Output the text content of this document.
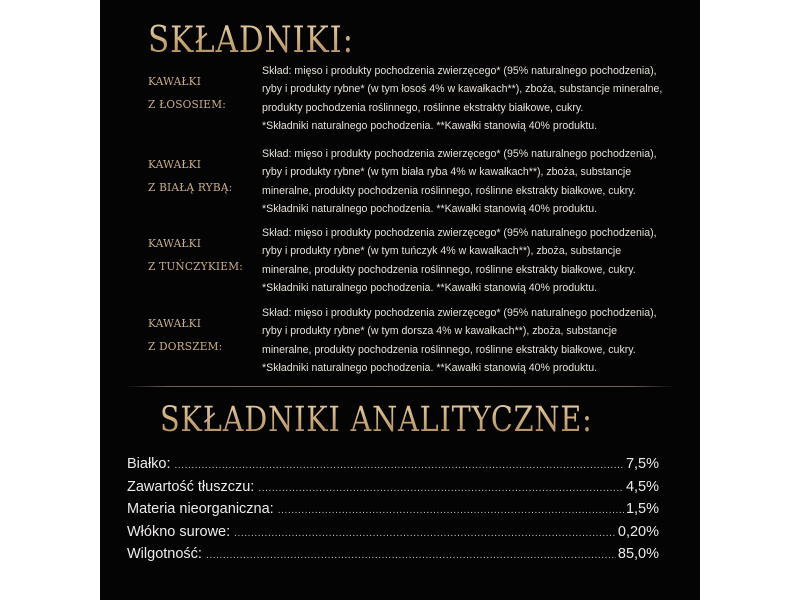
SKŁADNIKI:
KAWAŁKI
Z ŁOSOSIEM:
Skład: mięso i produkty pochodzenia zwierzęcego* (95% naturalnego pochodzenia),
ryby i produkty rybne* (w tym łosoś 4% w kawałkach**), zboża, substancje mineralne,
produkty pochodzenia roślinnego, roślinne ekstrakty białkowe, cukry.
*Składniki naturalnego pochodzenia. **Kawałki stanowią 40% produktu.
KAWAŁKI
Z BIAŁĄ RYBĄ:
Skład: mięso i produkty pochodzenia zwierzęcego* (95% naturalnego pochodzenia),
ryby i produkty rybne* (w tym biała ryba 4% w kawałkach**), zboża, substancje
mineralne, produkty pochodzenia roślinnego, roślinne ekstrakty białkowe, cukry.
*Składniki naturalnego pochodzenia. **Kawałki stanowią 40% produktu.
KAWAŁKI
Z TUŃCZYKIEM:
Skład: mięso i produkty pochodzenia zwierzęcego* (95% naturalnego pochodzenia),
ryby i produkty rybne* (w tym tuńczyk 4% w kawałkach**), zboża, substancje
mineralne, produkty pochodzenia roślinnego, roślinne ekstrakty białkowe, cukry.
*Składniki naturalnego pochodzenia. **Kawałki stanowią 40% produktu.
KAWAŁKI
Z DORSZEM:
Skład: mięso i produkty pochodzenia zwierzęcego* (95% naturalnego pochodzenia),
ryby i produkty rybne* (w tym dorsza 4% w kawałkach**), zboża, substancje
mineralne, produkty pochodzenia roślinnego, roślinne ekstrakty białkowe, cukry.
*Składniki naturalnego pochodzenia. **Kawałki stanowią 40% produktu.
SKŁADNIKI ANALITYCZNE:
Białko: .....	7,5%
Zawartość tłuszczu: .....	4,5%
Materia nieorganiczna: .....	1,5%
Włókno surowe: .....	0,20%
Wilgotność: .....	85,0%
